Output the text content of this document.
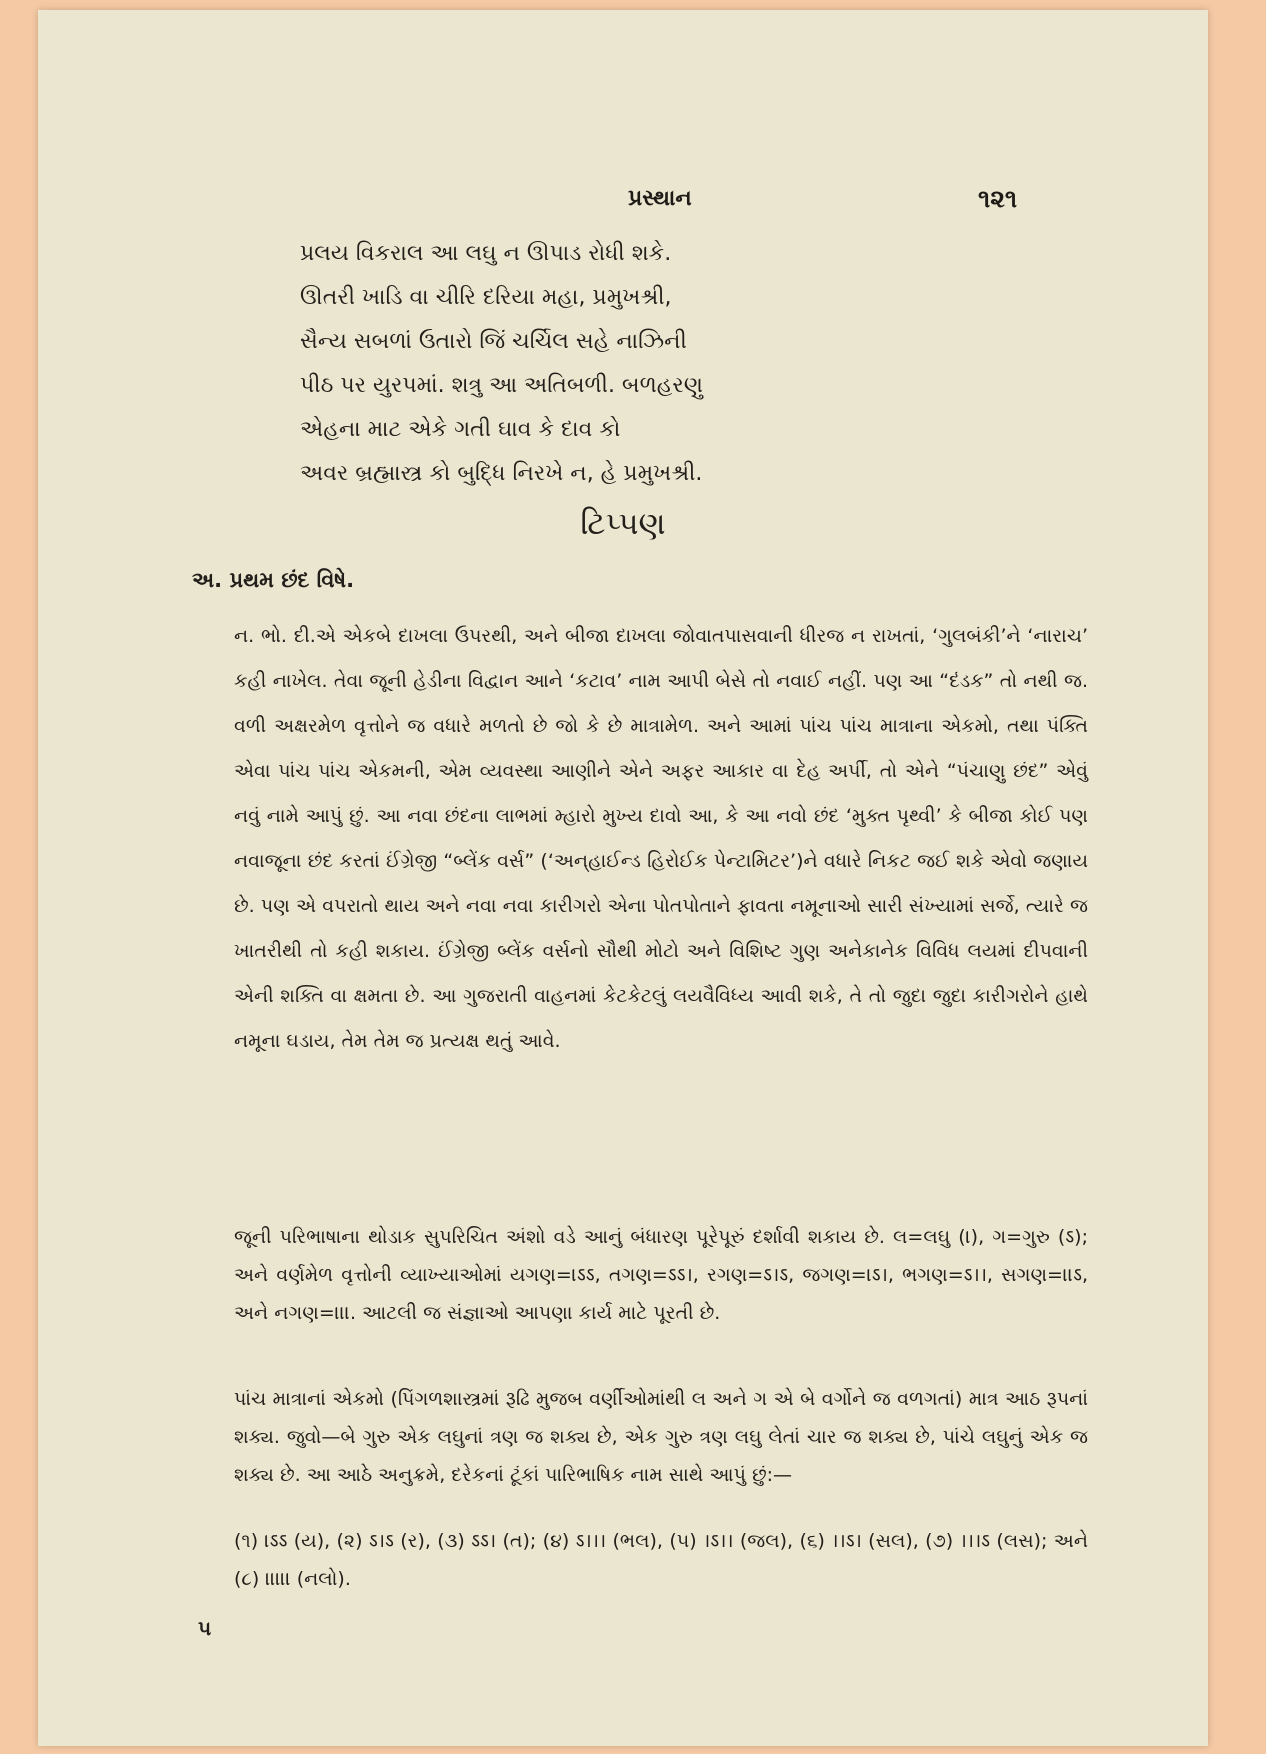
પ્રસ્થાન	૧૨૧
પ્રલય વિકરાલ આ લઘુ ન ઊપાડ રોધી શકે.
ઊતરી ખાડિ વા ચીરિ દરિયા મહા, પ્રમુખશ્રી,
સૈન્ય સબળાં ઉતારો જિં ચર્ચિલ સહે નાઝિની
પીઠ પર યુરપમાં. શત્રુ આ અતિબળી. બળહરણુ
એહના માટ એકે ગતી ઘાવ કે દાવ કો
અવર બ્રહ્માસ્ત્ર કો બુદ્ધિ નિરખે ન, હે પ્રમુખશ્રી.
ટિપ્પણ
અ. પ્રથમ છંદ વિષે.
ન. ભો. દી.એ એકબે દાખલા ઉપરથી, અને બીજા દાખલા જોવાતપાસવાની ધીરજ ન રાખતાં, ‘ગુલબંકી’ને ‘નારાચ’ કહી નાખેલ. તેવા જૂની હેડીના વિદ્વાન આને ‘કટાવ’ નામ આપી બેસે તો નવાઈ નહીં. પણ આ “દંડક” તો નથી જ. વળી અક્ષરમેળ વૃત્તોને જ વધારે મળતો છે જો કે છે માત્રામેળ. અને આમાં પાંચ પાંચ માત્રાના એકમો, તથા પંક્તિ એવા પાંચ પાંચ એકમની, એમ વ્યવસ્થા આણીને એને અફર આકાર વા દેહ અર્પી, તો એને “પંચાણુ છંદ” એવું નવું નામે આપું છું. આ નવા છંદના લાભમાં મ્હારો મુખ્ય દાવો આ, કે આ નવો છંદ ‘મુક્ત પૃથ્વી’ કે બીજા કોઈ પણ નવાજૂના છંદ કરતાં ઈંગ્રેજી “બ્લેંક વર્સ” (‘અન્‌હાઈન્ડ હિરોઈક પેન્ટામિટર’)ને વધારે નિકટ જઈ શકે એવો જણાય છે. પણ એ વપરાતો થાય અને નવા નવા કારીગરો એના પોતપોતાને ફાવતા નમૂનાઓ સારી સંખ્યામાં સર્જે, ત્યારે જ ખાતરીથી તો કહી શકાય. ઈંગ્રેજી બ્લેંક વર્સનો સૌથી મોટો અને વિશિષ્ટ ગુણ અનેકાનેક વિવિધ લયમાં દીપવાની એની શક્તિ વા ક્ષમતા છે. આ ગુજરાતી વાહનમાં કેટકેટલું લયવૈવિધ્ય આવી શકે, તે તો જુદા જુદા કારીગરોને હાથે નમૂના ઘડાય, તેમ તેમ જ પ્રત્યક્ષ થતું આવે.
જૂની પરિભાષાના થોડાક સુપરિચિત અંશો વડે આનું બંધારણ પૂરેપૂરું દર્શાવી શકાય છે. લ=લઘુ (।), ગ=ગુરુ (ऽ); અને વર્ણમેળ વૃત્તોની વ્યાખ્યાઓમાં યગણ=।ऽऽ, તગણ=ऽऽ।, રગણ=ऽ।ऽ, જગણ=।ऽ।, ભગણ=ऽ।।, સગણ=।।ऽ, અને નગણ=।।।. આટલી જ સંજ્ઞાઓ આપણા કાર્ય માટે પૂરતી છે.
પાંચ માત્રાનાં એકમો (પિંગળશાસ્ત્રમાં રૂઢિ મુજબ વર્ણીઓમાંથી લ અને ગ એ બે વર્ગોને જ વળગતાં) માત્ર આઠ રૂપનાં શક્ય. જુવો—બે ગુરુ એક લઘુનાં ત્રણ જ શક્ય છે, એક ગુરુ ત્રણ લઘુ લેતાં ચાર જ શક્ય છે, પાંચે લઘુનું એક જ શક્ય છે. આ આઠે અનુક્રમે, દરેકનાં ટૂંકાં પારિભાષિક નામ સાથે આપું છું:—
(૧) ।ऽऽ (ય), (૨) ऽ।ऽ (ર), (૩) ऽऽ। (ત); (૪) ऽ।।। (ભલ), (૫) ।ऽ।। (જલ), (૬) ।।ऽ। (સલ), (૭) ।।।ऽ (લસ); અને (૮) ।।।।। (નલો).
૫
